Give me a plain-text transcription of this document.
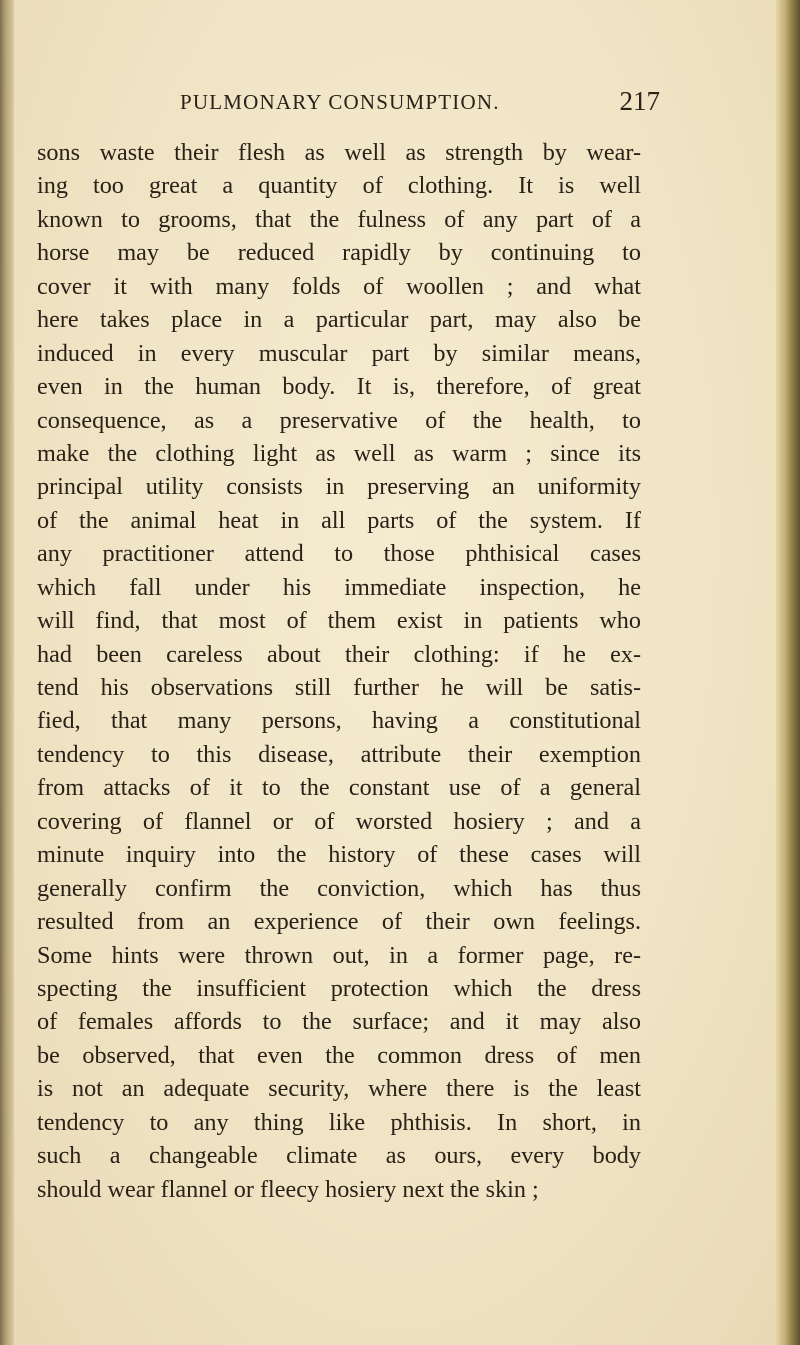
PULMONARY CONSUMPTION.	217
sons waste their flesh as well as strength by wear-
ing too great a quantity of clothing. It is well
known to grooms, that the fulness of any part of a
horse may be reduced rapidly by continuing to
cover it with many folds of woollen ; and what
here takes place in a particular part, may also be
induced in every muscular part by similar means,
even in the human body. It is, therefore, of great
consequence, as a preservative of the health, to
make the clothing light as well as warm ; since its
principal utility consists in preserving an uniformity
of the animal heat in all parts of the system. If
any practitioner attend to those phthisical cases
which fall under his immediate inspection, he
will find, that most of them exist in patients who
had been careless about their clothing: if he ex-
tend his observations still further he will be satis-
fied, that many persons, having a constitutional
tendency to this disease, attribute their exemption
from attacks of it to the constant use of a general
covering of flannel or of worsted hosiery ; and a
minute inquiry into the history of these cases will
generally confirm the conviction, which has thus
resulted from an experience of their own feelings.
Some hints were thrown out, in a former page, re-
specting the insufficient protection which the dress
of females affords to the surface; and it may also
be observed, that even the common dress of men
is not an adequate security, where there is the least
tendency to any thing like phthisis. In short, in
such a changeable climate as ours, every body
should wear flannel or fleecy hosiery next the skin ;
